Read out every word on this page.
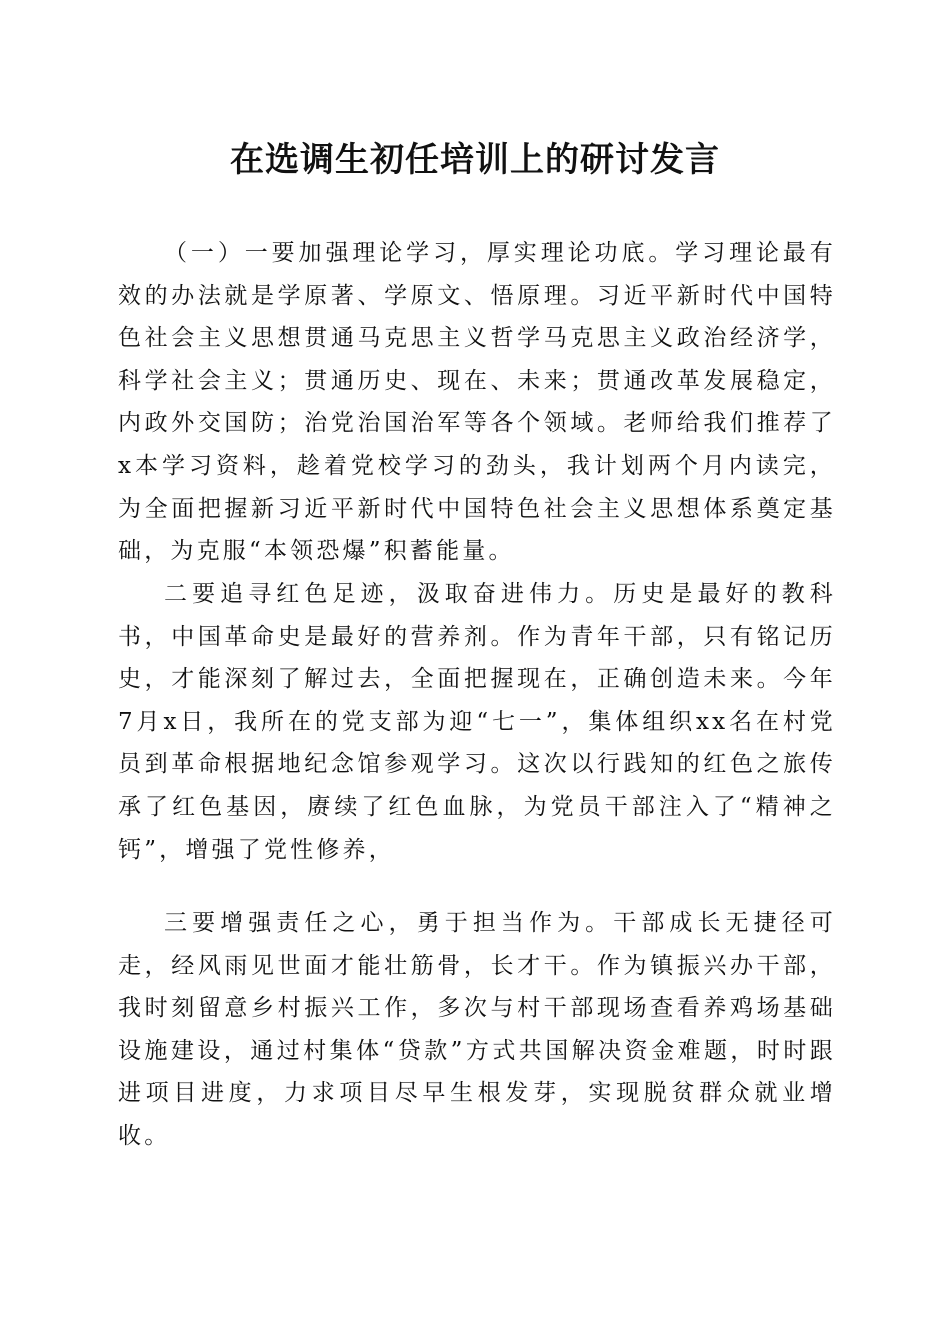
在选调生初任培训上的研讨发言

（一）一要加强理论学习，厚实理论功底。学习理论最有效的办法就是学原著、学原文、悟原理。习近平新时代中国特色社会主义思想贯通马克思主义哲学马克思主义政治经济学，科学社会主义；贯通历史、现在、未来；贯通改革发展稳定，内政外交国防；治党治国治军等各个领域。老师给我们推荐了x本学习资料，趁着党校学习的劲头，我计划两个月内读完，为全面把握新习近平新时代中国特色社会主义思想体系奠定基础，为克服“本领恐爆”积蓄能量。

二要追寻红色足迹，汲取奋进伟力。历史是最好的教科书，中国革命史是最好的营养剂。作为青年干部，只有铭记历史，才能深刻了解过去，全面把握现在，正确创造未来。今年7月x日，我所在的党支部为迎“七一”，集体组织xx名在村党员到革命根据地纪念馆参观学习。这次以行践知的红色之旅传承了红色基因，赓续了红色血脉，为党员干部注入了“精神之钙”，增强了党性修养，

三要增强责任之心，勇于担当作为。干部成长无捷径可走，经风雨见世面才能壮筋骨，长才干。作为镇振兴办干部，我时刻留意乡村振兴工作，多次与村干部现场查看养鸡场基础设施建设，通过村集体“贷款”方式共国解决资金难题，时时跟进项目进度，力求项目尽早生根发芽，实现脱贫群众就业增收。
